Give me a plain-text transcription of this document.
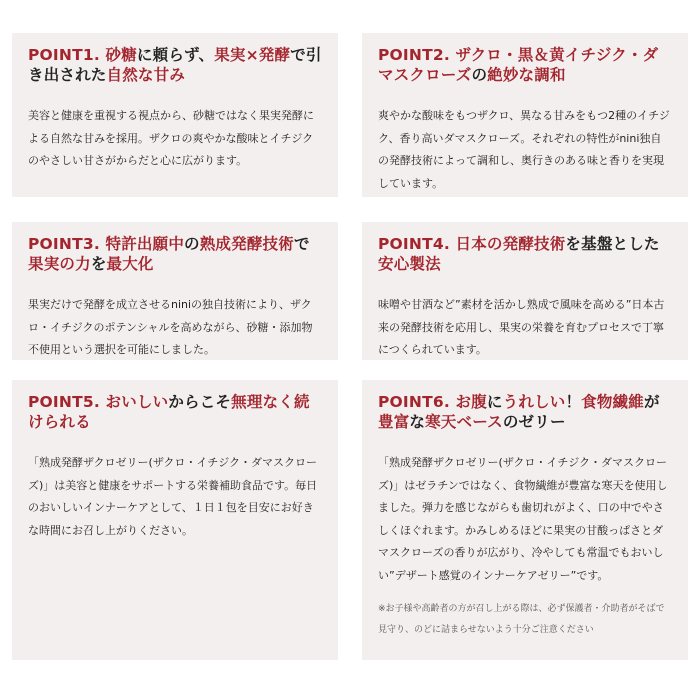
POINT1. 砂糖に頼らず、果実×発酵で引き出された自然な甘み

美容と健康を重視する視点から、砂糖ではなく果実発酵による自然な甘みを採用。ザクロの爽やかな酸味とイチジクのやさしい甘さがからだと心に広がります。

POINT2. ザクロ・黒＆黄イチジク・ダマスクローズの絶妙な調和

爽やかな酸味をもつザクロ、異なる甘みをもつ2種のイチジク、香り高いダマスクローズ。それぞれの特性がnini独自の発酵技術によって調和し、奥行きのある味と香りを実現しています。

POINT3. 特許出願中の熟成発酵技術で果実の力を最大化

果実だけで発酵を成立させるniniの独自技術により、ザクロ・イチジクのポテンシャルを高めながら、砂糖・添加物不使用という選択を可能にしました。

POINT4. 日本の発酵技術を基盤とした安心製法

味噌や甘酒など”素材を活かし熟成で風味を高める”日本古来の発酵技術を応用し、果実の栄養を育むプロセスで丁寧につくられています。

POINT5. おいしいからこそ無理なく続けられる

「熟成発酵ザクロゼリー(ザクロ・イチジク・ダマスクローズ)」は美容と健康をサポートする栄養補助食品です。毎日のおいしいインナーケアとして、１日１包を目安にお好きな時間にお召し上がりください。

POINT6. お腹にうれしい！食物繊維が豊富な寒天ベースのゼリー

「熟成発酵ザクロゼリー(ザクロ・イチジク・ダマスクローズ)」はゼラチンではなく、食物繊維が豊富な寒天を使用しました。弾力を感じながらも歯切れがよく、口の中でやさしくほぐれます。かみしめるほどに果実の甘酸っぱさとダマスクローズの香りが広がり、冷やしても常温でもおいしい”デザート感覚のインナーケアゼリー”です。

※お子様や高齢者の方が召し上がる際は、必ず保護者・介助者がそばで見守り、のどに詰まらせないよう十分ご注意ください
